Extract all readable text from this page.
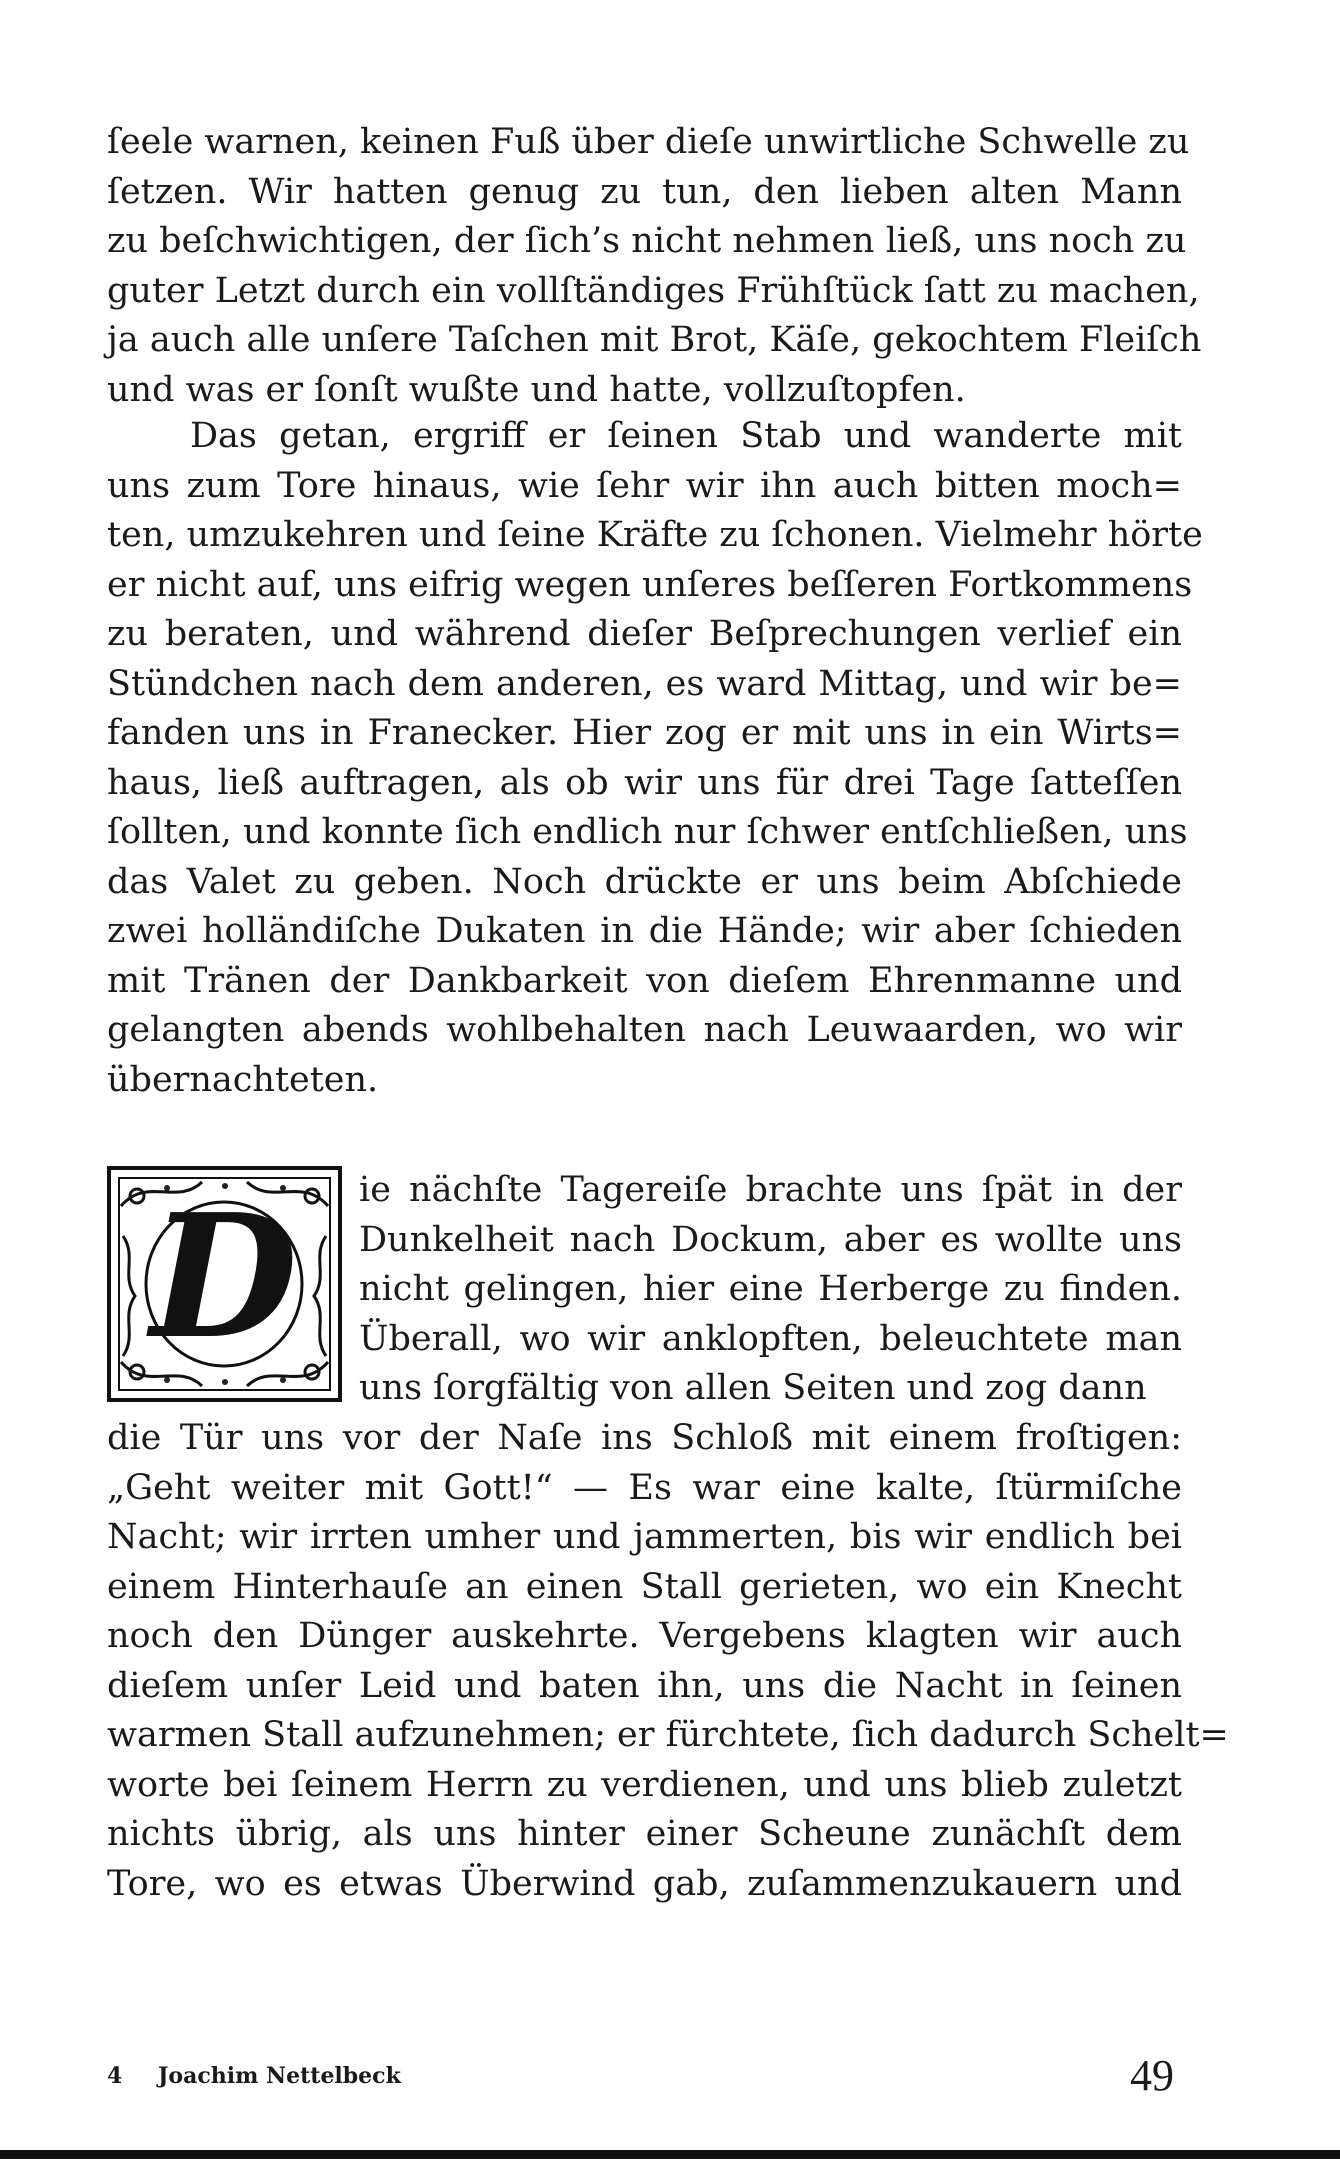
ſeele warnen, keinen Fuß über dieſe unwirtliche Schwelle zu
ſetzen. Wir hatten genug zu tun, den lieben alten Mann
zu beſchwichtigen, der ſich’s nicht nehmen ließ, uns noch zu
guter Letzt durch ein vollſtändiges Frühſtück ſatt zu machen,
ja auch alle unſere Taſchen mit Brot, Käſe, gekochtem Fleiſch
und was er ſonſt wußte und hatte, vollzuſtopfen.
Das getan, ergriff er ſeinen Stab und wanderte mit
uns zum Tore hinaus, wie ſehr wir ihn auch bitten moch=
ten, umzukehren und ſeine Kräfte zu ſchonen. Vielmehr hörte
er nicht auf, uns eifrig wegen unſeres beſſeren Fortkommens
zu beraten, und während dieſer Beſprechungen verlief ein
Stündchen nach dem anderen, es ward Mittag, und wir be=
fanden uns in Franecker. Hier zog er mit uns in ein Wirts=
haus, ließ auftragen, als ob wir uns für drei Tage ſatteſſen
ſollten, und konnte ſich endlich nur ſchwer entſchließen, uns
das Valet zu geben. Noch drückte er uns beim Abſchiede
zwei holländiſche Dukaten in die Hände; wir aber ſchieden
mit Tränen der Dankbarkeit von dieſem Ehrenmanne und
gelangten abends wohlbehalten nach Leuwaarden, wo wir
übernachteten.
D ie nächſte Tagereiſe brachte uns ſpät in der
Dunkelheit nach Dockum, aber es wollte uns
nicht gelingen, hier eine Herberge zu finden.
Überall, wo wir anklopften, beleuchtete man
uns ſorgfältig von allen Seiten und zog dann
die Tür uns vor der Naſe ins Schloß mit einem froſtigen:
„Geht weiter mit Gott!“ — Es war eine kalte, ſtürmiſche
Nacht; wir irrten umher und jammerten, bis wir endlich bei
einem Hinterhauſe an einen Stall gerieten, wo ein Knecht
noch den Dünger auskehrte. Vergebens klagten wir auch
dieſem unſer Leid und baten ihn, uns die Nacht in ſeinen
warmen Stall aufzunehmen; er fürchtete, ſich dadurch Schelt=
worte bei ſeinem Herrn zu verdienen, und uns blieb zuletzt
nichts übrig, als uns hinter einer Scheune zunächſt dem
Tore, wo es etwas Überwind gab, zuſammenzukauern und
4 Joachim Nettelbeck	49
